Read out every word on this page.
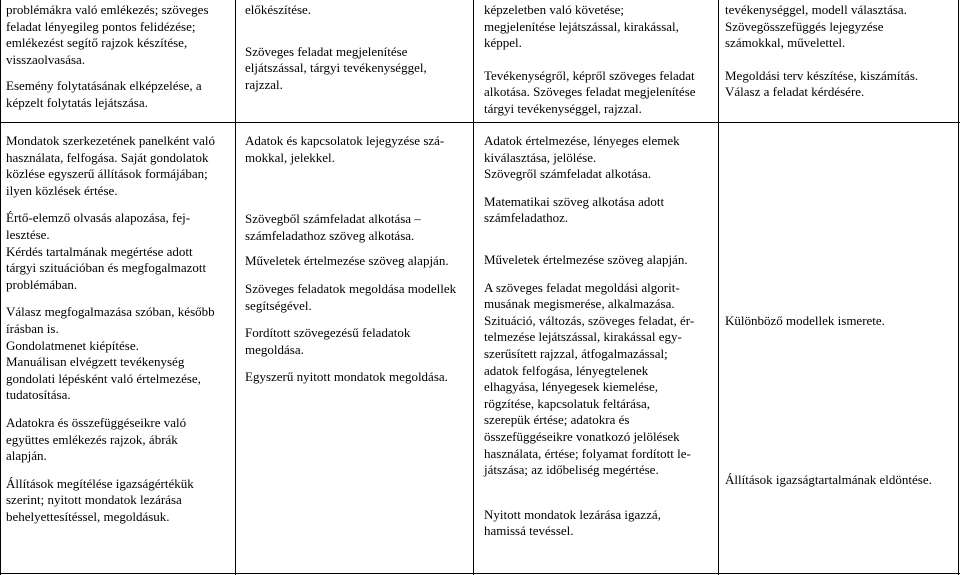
problémákra való emlékezés; szöveges
feladat lényegileg pontos felidézése;
emlékezést segítő rajzok készítése,
visszaolvasása.
Esemény folytatásának elképzelése, a
képzelt folytatás lejátszása.
előkészítése.
Szöveges feladat megjelenítése
eljátszással, tárgyi tevékenységgel,
rajzzal.
képzeletben való követése;
megjelenítése lejátszással, kirakással,
képpel.
Tevékenységről, képről szöveges feladat
alkotása. Szöveges feladat megjelenítése
tárgyi tevékenységgel, rajzzal.
tevékenységgel, modell választása.
Szövegösszefüggés lejegyzése
számokkal, művelettel.
Megoldási terv készítése, kiszámítás.
Válasz a feladat kérdésére.
Mondatok szerkezetének panelként való
használata, felfogása. Saját gondolatok
közlése egyszerű állítások formájában;
ilyen közlések értése.
Értő-elemző olvasás alapozása, fej-
lesztése.
Kérdés tartalmának megértése adott
tárgyi szituációban és megfogalmazott
problémában.
Válasz megfogalmazása szóban, később
írásban is.
Gondolatmenet kiépítése.
Manuálisan elvégzett tevékenység
gondolati lépésként való értelmezése,
tudatosítása.
Adatokra és összefüggéseikre való
együttes emlékezés rajzok, ábrák
alapján.
Állítások megítélése igazságértékük
szerint; nyitott mondatok lezárása
behelyettesítéssel, megoldásuk.
Adatok és kapcsolatok lejegyzése szá-
mokkal, jelekkel.
Szövegből számfeladat alkotása –
számfeladathoz szöveg alkotása.
Műveletek értelmezése szöveg alapján.
Szöveges feladatok megoldása modellek
segítségével.
Fordított szövegezésű feladatok
megoldása.
Egyszerű nyitott mondatok megoldása.
Adatok értelmezése, lényeges elemek
kiválasztása, jelölése.
Szövegről számfeladat alkotása.
Matematikai szöveg alkotása adott
számfeladathoz.
Műveletek értelmezése szöveg alapján.
A szöveges feladat megoldási algorit-
musának megismerése, alkalmazása.
Szituáció, változás, szöveges feladat, ér-
telmezése lejátszással, kirakással egy-
szerűsített rajzzal, átfogalmazással;
adatok felfogása, lényegtelenek
elhagyása, lényegesek kiemelése,
rögzítése, kapcsolatuk feltárása,
szerepük értése; adatokra és
összefüggéseikre vonatkozó jelölések
használata, értése; folyamat fordított le-
játszása; az időbeliség megértése.
Nyitott mondatok lezárása igazzá,
hamissá tevéssel.
Különböző modellek ismerete.
Állítások igazságtartalmának eldöntése.
